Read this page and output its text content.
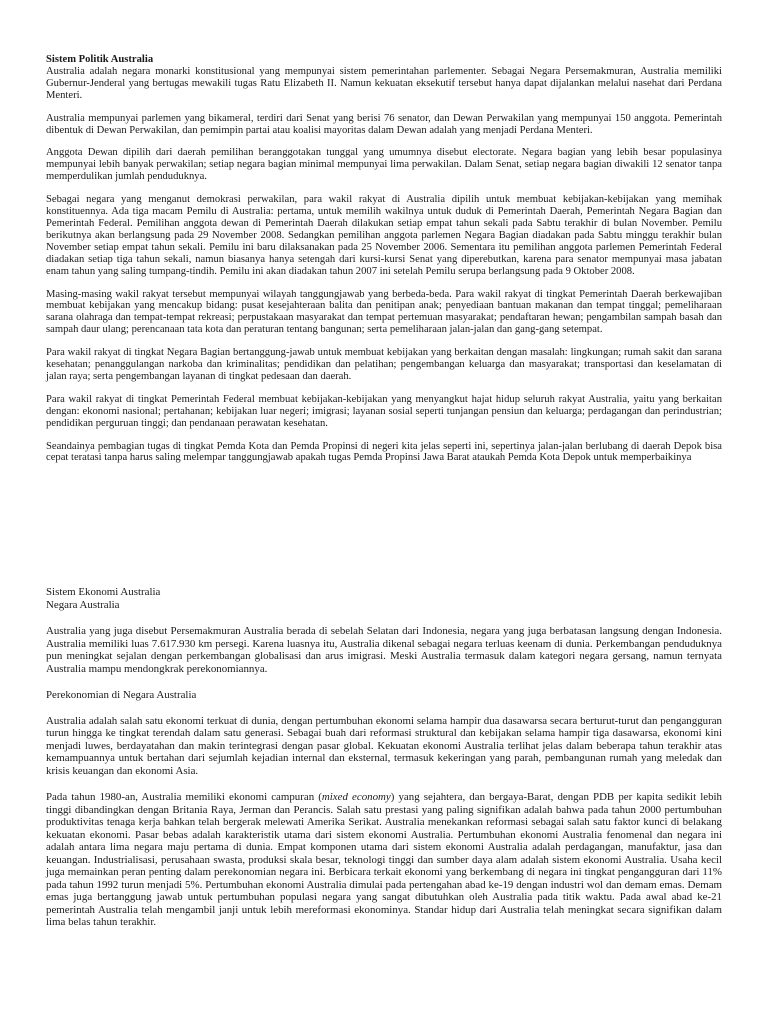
Sistem Politik Australia

Australia adalah negara monarki konstitusional yang mempunyai sistem pemerintahan parlementer. Sebagai Negara Persemakmuran, Australia memiliki Gubernur-Jenderal yang bertugas mewakili tugas Ratu Elizabeth II. Namun kekuatan eksekutif tersebut hanya dapat dijalankan melalui nasehat dari Perdana Menteri.

Australia mempunyai parlemen yang bikameral, terdiri dari Senat yang berisi 76 senator, dan Dewan Perwakilan yang mempunyai 150 anggota. Pemerintah dibentuk di Dewan Perwakilan, dan pemimpin partai atau koalisi mayoritas dalam Dewan adalah yang menjadi Perdana Menteri.

Anggota Dewan dipilih dari daerah pemilihan beranggotakan tunggal yang umumnya disebut electorate. Negara bagian yang lebih besar populasinya mempunyai lebih banyak perwakilan; setiap negara bagian minimal mempunyai lima perwakilan. Dalam Senat, setiap negara bagian diwakili 12 senator tanpa memperdulikan jumlah penduduknya.

Sebagai negara yang menganut demokrasi perwakilan, para wakil rakyat di Australia dipilih untuk membuat kebijakan-kebijakan yang memihak konstituennya. Ada tiga macam Pemilu di Australia: pertama, untuk memilih wakilnya untuk duduk di Pemerintah Daerah, Pemerintah Negara Bagian dan Pemerintah Federal. Pemilihan anggota dewan di Pemerintah Daerah dilakukan setiap empat tahun sekali pada Sabtu terakhir di bulan November. Pemilu berikutnya akan berlangsung pada 29 November 2008. Sedangkan pemilihan anggota parlemen Negara Bagian diadakan pada Sabtu minggu terakhir bulan November setiap empat tahun sekali. Pemilu ini baru dilaksanakan pada 25 November 2006. Sementara itu pemilihan anggota parlemen Pemerintah Federal diadakan setiap tiga tahun sekali, namun biasanya hanya setengah dari kursi-kursi Senat yang diperebutkan, karena para senator mempunyai masa jabatan enam tahun yang saling tumpang-tindih. Pemilu ini akan diadakan tahun 2007 ini setelah Pemilu serupa berlangsung pada 9 Oktober 2008.

Masing-masing wakil rakyat tersebut mempunyai wilayah tanggungjawab yang berbeda-beda. Para wakil rakyat di tingkat Pemerintah Daerah berkewajiban membuat kebijakan yang mencakup bidang: pusat kesejahteraan balita dan penitipan anak; penyediaan bantuan makanan dan tempat tinggal; pemeliharaan sarana olahraga dan tempat-tempat rekreasi; perpustakaan masyarakat dan tempat pertemuan masyarakat; pendaftaran hewan; pengambilan sampah basah dan sampah daur ulang; perencanaan tata kota dan peraturan tentang bangunan; serta pemeliharaan jalan-jalan dan gang-gang setempat.

Para wakil rakyat di tingkat Negara Bagian bertanggung-jawab untuk membuat kebijakan yang berkaitan dengan masalah: lingkungan; rumah sakit dan sarana kesehatan; penanggulangan narkoba dan kriminalitas; pendidikan dan pelatihan; pengembangan keluarga dan masyarakat; transportasi dan keselamatan di jalan raya; serta pengembangan layanan di tingkat pedesaan dan daerah.

Para wakil rakyat di tingkat Pemerintah Federal membuat kebijakan-kebijakan yang menyangkut hajat hidup seluruh rakyat Australia, yaitu yang berkaitan dengan: ekonomi nasional; pertahanan; kebijakan luar negeri; imigrasi; layanan sosial seperti tunjangan pensiun dan keluarga; perdagangan dan perindustrian; pendidikan perguruan tinggi; dan pendanaan perawatan kesehatan.

Seandainya pembagian tugas di tingkat Pemda Kota dan Pemda Propinsi di negeri kita jelas seperti ini, sepertinya jalan-jalan berlubang di daerah Depok bisa cepat teratasi tanpa harus saling melempar tanggungjawab apakah tugas Pemda Propinsi Jawa Barat ataukah Pemda Kota Depok untuk memperbaikinya

Sistem Ekonomi Australia
Negara Australia

Australia yang juga disebut Persemakmuran Australia berada di sebelah Selatan dari Indonesia, negara yang juga berbatasan langsung dengan Indonesia. Australia memiliki luas 7.617.930 km persegi. Karena luasnya itu, Australia dikenal sebagai negara terluas keenam di dunia. Perkembangan penduduknya pun meningkat sejalan dengan perkembangan globalisasi dan arus imigrasi. Meski Australia termasuk dalam kategori negara gersang, namun ternyata Australia mampu mendongkrak perekonomiannya.

Perekonomian di Negara Australia

Australia adalah salah satu ekonomi terkuat di dunia, dengan pertumbuhan ekonomi selama hampir dua dasawarsa secara berturut-turut dan pengangguran turun hingga ke tingkat terendah dalam satu generasi. Sebagai buah dari reformasi struktural dan kebijakan selama hampir tiga dasawarsa, ekonomi kini menjadi luwes, berdayatahan dan makin terintegrasi dengan pasar global. Kekuatan ekonomi Australia terlihat jelas dalam beberapa tahun terakhir atas kemampuannya untuk bertahan dari sejumlah kejadian internal dan eksternal, termasuk kekeringan yang parah, pembangunan rumah yang meledak dan krisis keuangan dan ekonomi Asia.

Pada tahun 1980-an, Australia memiliki ekonomi campuran (mixed economy) yang sejahtera, dan bergaya-Barat, dengan PDB per kapita sedikit lebih tinggi dibandingkan dengan Britania Raya, Jerman dan Perancis. Salah satu prestasi yang paling signifikan adalah bahwa pada tahun 2000 pertumbuhan produktivitas tenaga kerja bahkan telah bergerak melewati Amerika Serikat. Australia menekankan reformasi sebagai salah satu faktor kunci di belakang kekuatan ekonomi. Pasar bebas adalah karakteristik utama dari sistem ekonomi Australia. Pertumbuhan ekonomi Australia fenomenal dan negara ini adalah antara lima negara maju pertama di dunia. Empat komponen utama dari sistem ekonomi Australia adalah perdagangan, manufaktur, jasa dan keuangan. Industrialisasi, perusahaan swasta, produksi skala besar, teknologi tinggi dan sumber daya alam adalah sistem ekonomi Australia. Usaha kecil juga memainkan peran penting dalam perekonomian negara ini. Berbicara terkait ekonomi yang berkembang di negara ini tingkat pengangguran dari 11% pada tahun 1992 turun menjadi 5%. Pertumbuhan ekonomi Australia dimulai pada pertengahan abad ke-19 dengan industri wol dan demam emas. Demam emas juga bertanggung jawab untuk pertumbuhan populasi negara yang sangat dibutuhkan oleh Australia pada titik waktu. Pada awal abad ke-21 pemerintah Australia telah mengambil janji untuk lebih mereformasi ekonominya. Standar hidup dari Australia telah meningkat secara signifikan dalam lima belas tahun terakhir.
